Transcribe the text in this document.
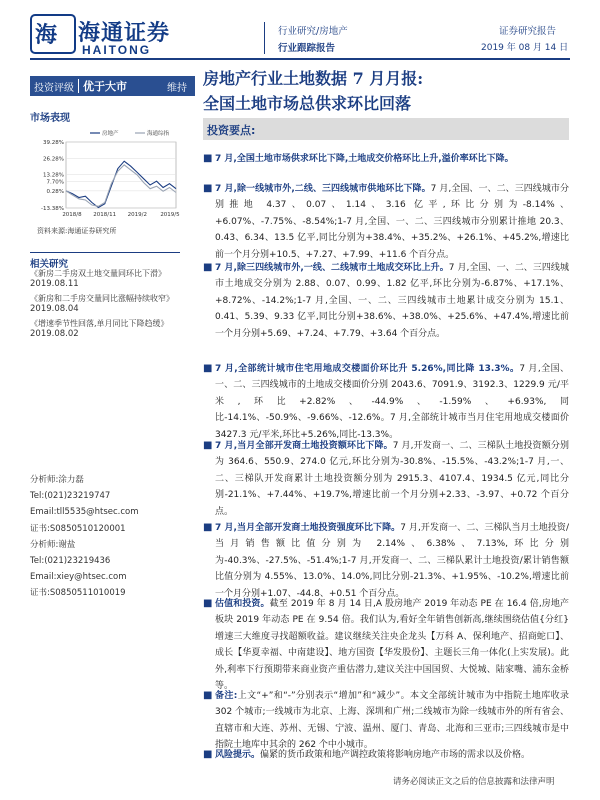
海 海通证券
HAITONG
行业研究/房地产
行业跟踪报告
证券研究报告
2019 年 08 月 14 日
投资评级 优于大市	维持 房地产行业土地数据 7 月月报:
全国土地市场总供求环比回落
市场表现
39.28%
26.28%
13.28%
7.70%
0.28%
-13.38%
2018/8 2018/11 2019/2 2019/5
房地产	海通综指
资料来源:海通证券研究所
相关研究
《新房二手房双土地交量同环比下滑》
2019.08.11
《新房和二手房交量同比涨幅持续收窄》
2019.08.04
《增速季节性回落,单月同比下降趋缓》
2019.08.02
分析师:涂力磊
Tel:(021)23219747
Email:tll5535@htsec.com
证书:S0850510120001
分析师:谢盐
Tel:(021)23219436
Email:xiey@htsec.com
证书:S0850511010019
投资要点:
■ 7 月,全国土地市场供求环比下降,土地成交价格环比上升,溢价率环比下降。

■ 7 月,除一线城市外,二线、三四线城市供地环比下降。7 月,全国、一、二、三四线城市分别推地 4.37、0.07、1.14、3.16 亿平,环比分别为-8.14%、+6.07%、-7.75%、-8.54%;1-7 月,全国、一、二、三四线城市分别累计推地 20.3、0.43、6.34、13.5 亿平,同比分别为+38.4%、+35.2%、+26.1%、+45.2%,增速比前一个月分别+10.5、+7.27、+7.99、+11.6 个百分点。

■ 7 月,除三四线城市外,一线、二线城市土地成交环比上升。7 月,全国、一、二、三四线城市土地成交分别为 2.88、0.07、0.99、1.82 亿平,环比分别为-6.87%、+17.1%、+8.72%、-14.2%;1-7 月,全国、一、二、三四线城市土地累计成交分别为 15.1、0.41、5.39、9.33 亿平,同比分别+38.6%、+38.0%、+25.6%、+47.4%,增速比前一个月分别+5.69、+7.24、+7.79、+3.64 个百分点。

■ 7 月,全部统计城市住宅用地成交楼面价环比升 5.26%,同比降 13.3%。7 月,全国、一、二、三四线城市的土地成交楼面价分别 2043.6、7091.9、3192.3、1229.9 元/平米,环比+2.82%、-44.9%、-1.59%、+6.93%,同比-14.1%、-50.9%、-9.66%、-12.6%。7 月,全部统计城市当月住宅用地成交楼面价 3427.3 元/平米,环比+5.26%,同比-13.3%。

■ 7 月,当月全部开发商土地投资额环比下降。7 月,开发商一、二、三梯队土地投资额分别为 364.6、550.9、274.0 亿元,环比分别为-30.8%、-15.5%、-43.2%;1-7 月,一、二、三梯队开发商累计土地投资额分别为 2915.3、4107.4、1934.5 亿元,同比分别-21.1%、+7.44%、+19.7%,增速比前一个月分别+2.33、-3.97、+0.72 个百分点。

■ 7 月,当月全部开发商土地投资强度环比下降。7 月,开发商一、二、三梯队当月土地投资/当月销售额比值分别为 2.14%、6.38%、7.13%,环比分别为-40.3%、-27.5%、-51.4%;1-7 月,开发商一、二、三梯队累计土地投资/累计销售额比值分别为 4.55%、13.0%、14.0%,同比分别-21.3%、+1.95%、-10.2%,增速比前一个月分别+1.07、-44.8、+0.51 个百分点。

■ 估值和投资。截至 2019 年 8 月 14 日,A 股房地产 2019 年动态 PE 在 16.4 倍,房地产板块 2019 年动态 PE 在 9.54 倍。我们认为,看好全年销售创新高,继续围绕估值{分红}增速三大维度寻找超额收益。建议继续关注央企龙头【万科 A、保利地产、招商蛇口】、成长【华夏幸福、中南建设】、地方国资【华发股份】、主题长三角一体化(上实发展)。此外,利率下行预期带来商业资产重估潜力,建议关注中国国贸、大悦城、陆家嘴、浦东金桥等。

■ 备注:上文“+”和“-”分别表示“增加”和“减少”。本文全部统计城市为中指院土地库收录 302 个城市;一线城市为北京、上海、深圳和广州;二线城市为除一线城市外的所有省会、直辖市和大连、苏州、无锡、宁波、温州、厦门、青岛、北海和三亚市;三四线城市是中指院土地库中其余的 262 个中小城市。

■ 风险提示。偏紧的货币政策和地产调控政策将影响房地产市场的需求以及价格。

请务必阅读正文之后的信息披露和法律声明
